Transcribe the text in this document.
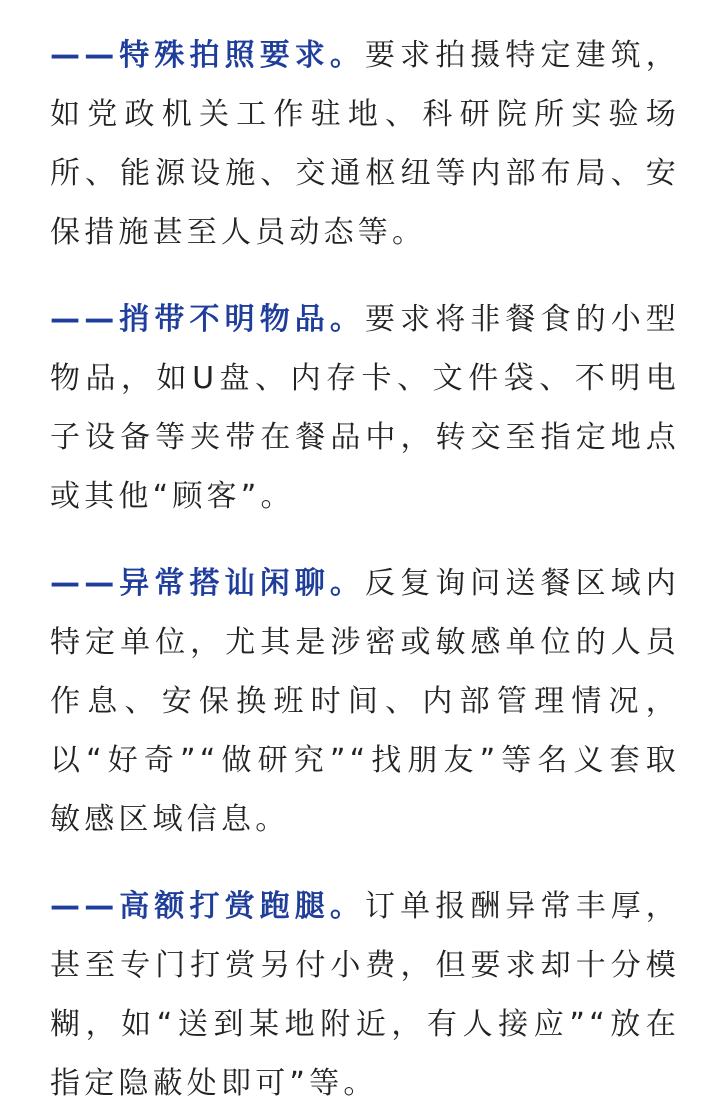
——特殊拍照要求。要求拍摄特定建筑，如党政机关工作驻地、科研院所实验场所、能源设施、交通枢纽等内部布局、安保措施甚至人员动态等。

——捎带不明物品。要求将非餐食的小型物品，如U盘、内存卡、文件袋、不明电子设备等夹带在餐品中，转交至指定地点或其他“顾客”。

——异常搭讪闲聊。反复询问送餐区域内特定单位，尤其是涉密或敏感单位的人员作息、安保换班时间、内部管理情况，以“好奇”“做研究”“找朋友”等名义套取敏感区域信息。

——高额打赏跑腿。订单报酬异常丰厚，甚至专门打赏另付小费，但要求却十分模糊，如“送到某地附近，有人接应”“放在指定隐蔽处即可”等。
